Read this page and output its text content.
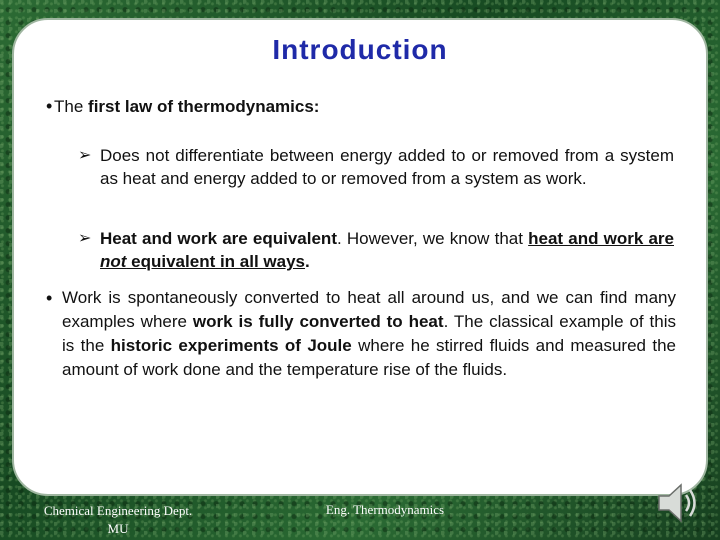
Introduction
•The first law of thermodynamics:
➢ Does not differentiate between energy added to or removed from a system as heat and energy added to or removed from a system as work.
➢ Heat and work are equivalent. However, we know that heat and work are not equivalent in all ways.
• Work is spontaneously converted to heat all around us, and we can find many examples where work is fully converted to heat. The classical example of this is the historic experiments of Joule where he stirred fluids and measured the amount of work done and the temperature rise of the fluids.
Chemical Engineering Dept.
MU
Eng. Thermodynamics
